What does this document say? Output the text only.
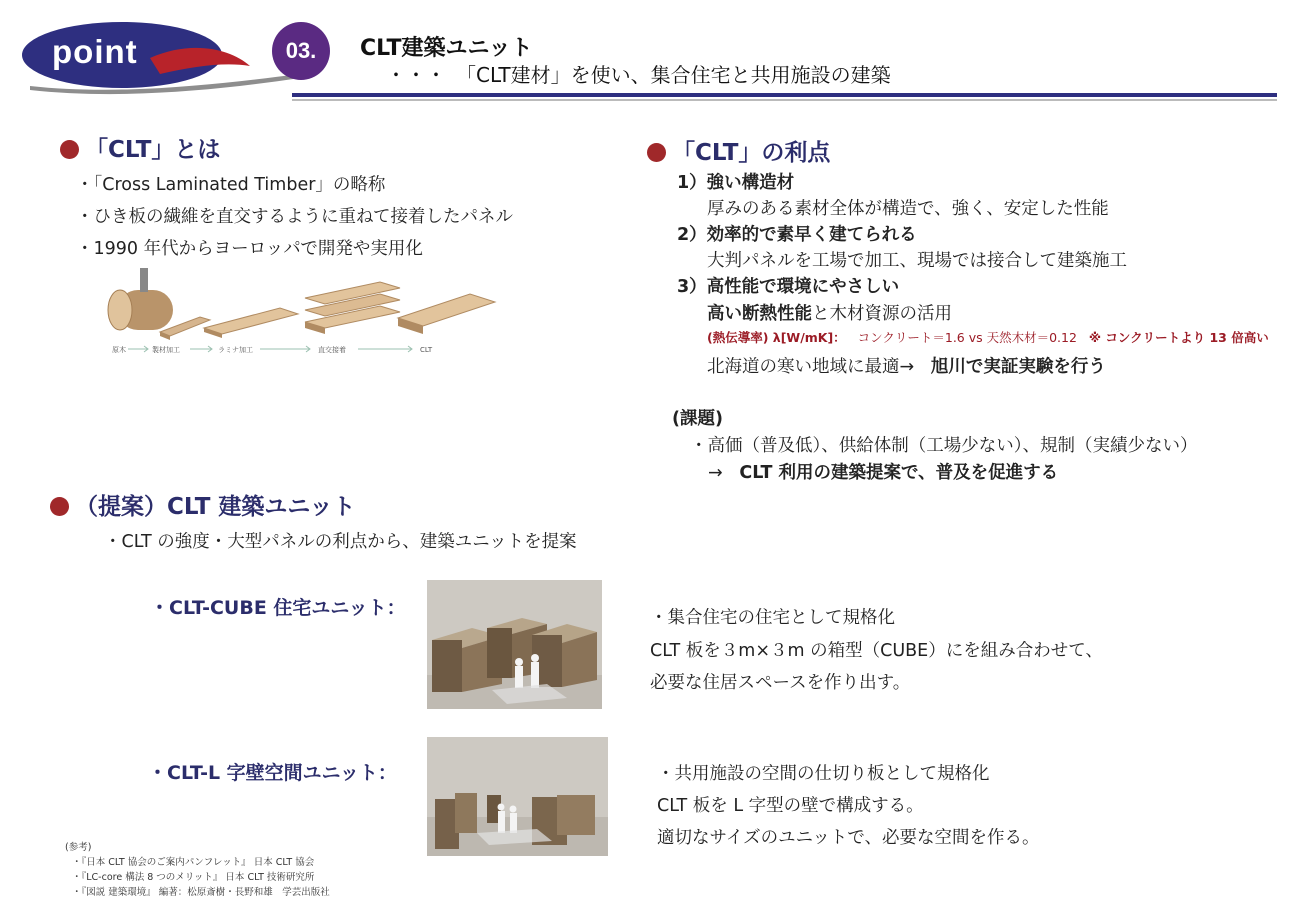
point	03.	CLT建築ユニット
・・・　「CLT建材」を使い、集合住宅と共用施設の建築
「CLT」とは
・「Cross Laminated Timber」の略称
・ひき板の繊維を直交するように重ねて接着したパネル
・1990 年代からヨーロッパで開発や実用化
原木	製材加工	ラミナ加工	直交接着	CLT
「CLT」の利点
1）強い構造材
厚みのある素材全体が構造で、強く、安定した性能
2）効率的で素早く建てられる
大判パネルを工場で加工、現場では接合して建築施工
3）高性能で環境にやさしい
高い断熱性能と木材資源の活用
(熱伝導率) λ[W/mK]： コンクリート＝1.6 vs 天然木材＝0.12 ※ コンクリートより 13 倍高い
北海道の寒い地域に最適→ 旭川で実証実験を行う
(課題)
・高価（普及低）、供給体制（工場少ない）、規制（実績少ない）
→ CLT 利用の建築提案で、普及を促進する
（提案）CLT 建築ユニット
・CLT の強度・大型パネルの利点から、建築ユニットを提案
・CLT-CUBE 住宅ユニット：	・集合住宅の住宅として規格化
CLT 板を３m×３m の箱型（CUBE）にを組み合わせて、
必要な住居スペースを作り出す。
・CLT-L 字壁空間ユニット：	・共用施設の空間の仕切り板として規格化
CLT 板を L 字型の壁で構成する。
適切なサイズのユニットで、必要な空間を作る。
(参考)
・『日本 CLT 協会のご案内パンフレット』 日本 CLT 協会
・『LC-core 構法 8 つのメリット』 日本 CLT 技術研究所
・『図説 建築環境』 編著：松原斎樹・長野和雄　学芸出版社
